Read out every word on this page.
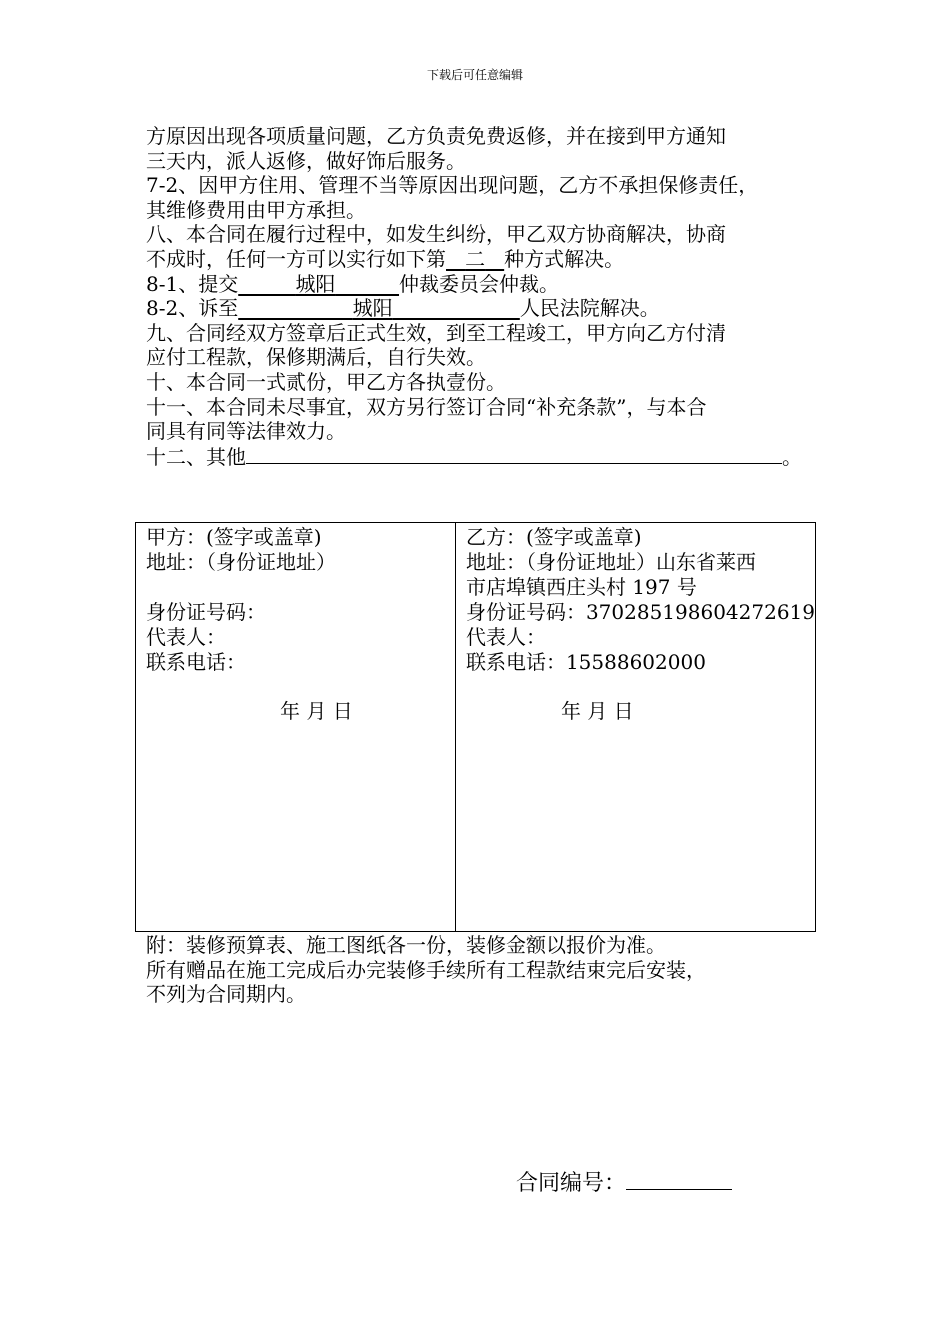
下载后可任意编辑

方原因出现各项质量问题，乙方负责免费返修，并在接到甲方通知

三天内，派人返修，做好饰后服务。

7-2、因甲方住用、管理不当等原因出现问题，乙方不承担保修责任，

其维修费用由甲方承担。

八、本合同在履行过程中，如发生纠纷，甲乙双方协商解决，协商

不成时，任何一方可以实行如下第 二 种方式解决。

8-1、提交	城阳	仲裁委员会仲裁。

8-2、诉至	城阳	人民法院解决。

九、合同经双方签章后正式生效，到至工程竣工，甲方向乙方付清

应付工程款，保修期满后，自行失效。

十、本合同一式贰份，甲乙方各执壹份。

十一、本合同未尽事宜，双方另行签订合同“补充条款”，与本合

同具有同等法律效力。

十二、其他	。

甲方：(签字或盖章)
地址：（身份证地址）
身份证号码：
代表人：
联系电话：
年 月 日
乙方：(签字或盖章)
地址：（身份证地址）山东省莱西
市店埠镇西庄头村 197 号
身份证号码：370285198604272619
代表人：
联系电话：15588602000
年 月 日

附：装修预算表、施工图纸各一份，装修金额以报价为准。

所有赠品在施工完成后办完装修手续所有工程款结束完后安装，

不列为合同期内。

合同编号：
